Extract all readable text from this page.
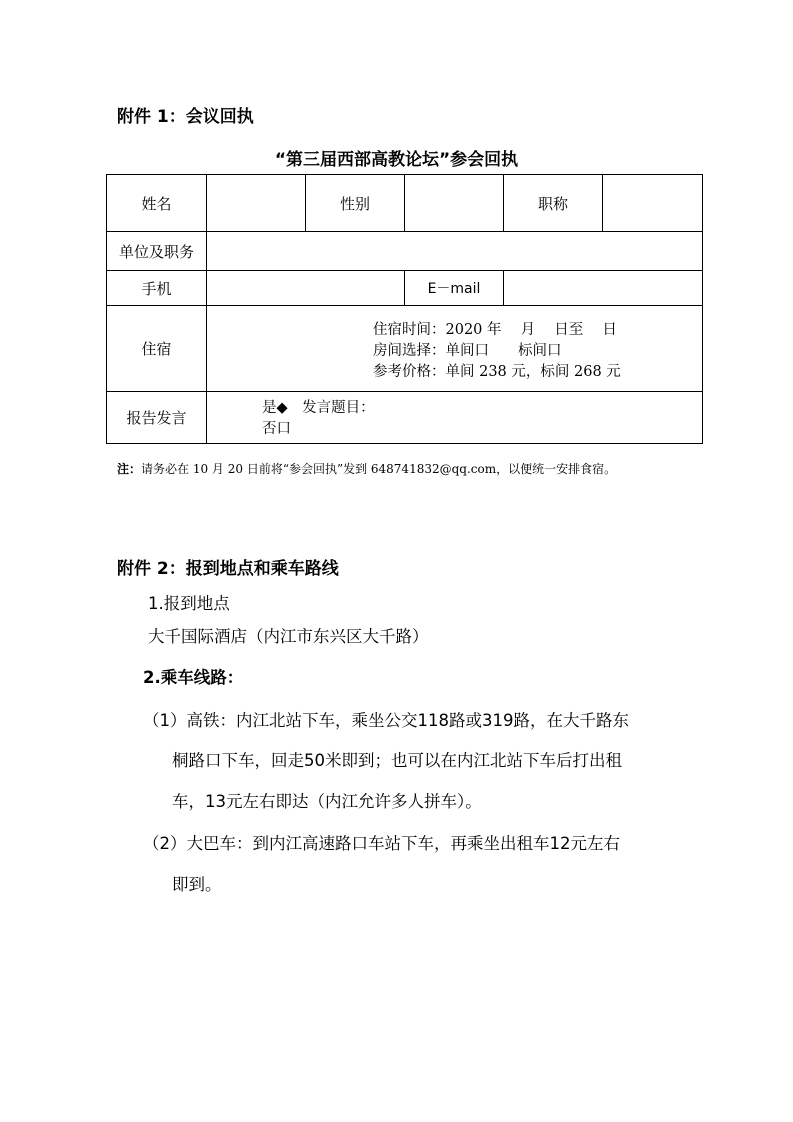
附件 1：会议回执
“第三届西部高教论坛”参会回执
姓名		性别		职称	
单位及职务					
手机			E－mail		
住宿	住宿时间：2020 年　 月　 日至　 日
房间选择：单间口　　标间口
参考价格：单间 238 元，标间 268 元				

报告发言	是◆　发言题目：
否口				
注：请务必在 10 月 20 日前将“参会回执”发到 648741832@qq.com，以便统一安排食宿。
附件 2：报到地点和乘车路线
1.报到地点
大千国际酒店（内江市东兴区大千路）
2.乘车线路：
（1）高铁：内江北站下车，乘坐公交118路或319路，在大千路东
桐路口下车，回走50米即到；也可以在内江北站下车后打出租
车，13元左右即达（内江允许多人拼车）。
（2）大巴车：到内江高速路口车站下车，再乘坐出租车12元左右
即到。
